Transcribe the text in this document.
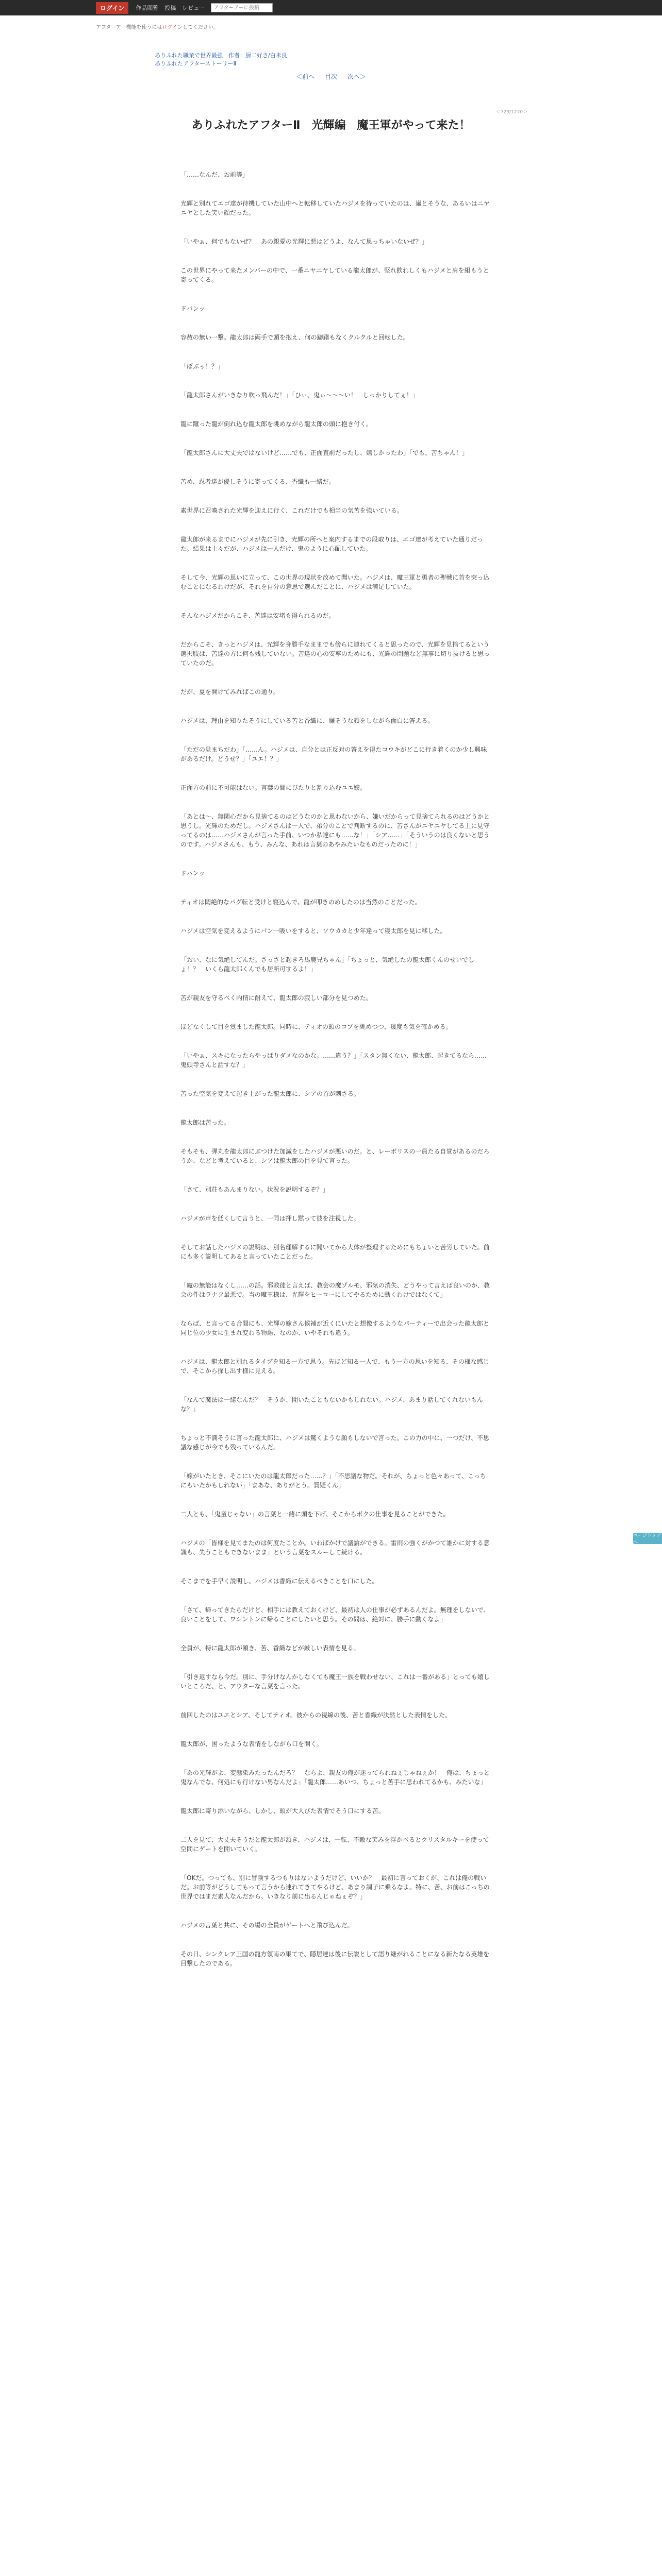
ログイン	作品閲覧 投稿 レビュー
アフターアーに投稿
アフターアー機能を使うにはログインしてください。
ありふれた職業で世界最強　作者：厨二好き/白米良
ありふれたアフターストーリーⅡ
＜前へ 目次 次へ＞
＜729/1270＞
ありふれたアフターⅡ　光輝編　魔王軍がやって来た！

「……なんだ、お前等」

光輝と別れてエゴ達が待機していた山中へと転移していたハジメを待っていたのは、嵐とそうな、あるいはニヤニヤとした笑い顔だった。

「いやぁ、何でもないぜ？　あの親愛の光輝に悪はどうよ、なんて思っちゃいないぜ？」

この世界にやって来たメンバーの中で、一番ニヤニヤしている龍太郎が、堅れ飲れしくもハジメと肩を組もうと寄ってくる。

ドパンッ

容赦の無い一撃。龍太郎は両手で頭を抱え、何の躊躇もなくクルクルと回転した。

「ぼぶぅ！？」

「龍太郎さんがいきなり吹っ飛んだ！」「ひぃ、鬼ぃ～～～い！　しっかりしてぇ！」

龍に蹴った龍が倒れ込む龍太郎を眺めながら龍太郎の頭に抱き付く。

「龍太郎さんに大丈夫ではないけど……でも、正面直前だったし、嬉しかったわ」「でも、苦ちゃん！」

苦め、忍者達が優しそうに寄ってくる、香織も一緒だ。

素世界に召喚された光輝を迎えに行く、これだけでも相当の気苦を強いている。

龍太郎が来るまでにハジメが先に引き、光輝の所へと案内するまでの段取りは、エゴ達が考えていた通りだった。結果は上々だが、ハジメは一人だけ、鬼のように心配していた。

そして今、光輝の思いに立って、この世界の現状を改めて聞いた。ハジメは、魔王軍と勇者の聖戦に首を突っ込むことになるわけだが、それを自分の意思で選んだことに、ハジメは満足していた。

そんなハジメだからこそ、苦達は安堵も得られるのだ。

だからこそ、きっとハジメは、光輝を身勝手なままでも傍らに連れてくると思ったので、光輝を見捨てるという選択肢は、苦達の方に何も残していない。苦達の心の安寧のためにも、光輝の問題など無事に切り抜けると思っていたのだ。

だが、夏を開けてみればこの通り。

ハジメは、理由を知りたそうにしている苦と香織に、嫌そうな顔をしながら面白に答える。

「ただの見まちだわ」「……ん。ハジメは、自分とは正反対の答えを得たコウキがどこに行き着くのか少し興味があるだけ。どうせ？」「ユエ！？」

正面方の前に不可能はない。言葉の間にぴたりと割り込むユエ嬢。

「あとは～、無関心だから見捨てるのはどうなのかと思わないから、嫌いだからって見捨てられるのはどうかと思うし。光輝のためだし。ハジメさんは一人で、弟分のことで判断するのに、苦さんがニヤニヤしてる上に見守ってるのは……ハジメさんが言った手前、いつか私達にも……な！」「シア……」「そういうのは良くないと思うのです。ハジメさんも、もう、みんな、あれは言葉のあやみたいなものだったのに！」

ドパンッ

ティオは悶絶的なパグ転と受けと寝込んで、龍が叩きのめしたのは当然のことだった。

ハジメは空気を変えるようにパン一吸いをすると、ソウカカと少年達って寝太郎を見に移した。

「おい、なに気絶してんだ。さっさと起きろ馬鹿兄ちゃん」「ちょっと、気絶したの龍太郎くんのせいでしょ！？　いくら龍太郎くんでも居所可するよ！」

苦が親友を守るべく内情に耐えて、龍太郎の寂しい部分を見つめた。

ほどなくして目を覚ました龍太郎。同時に、ティオの頭のコブを眺めつつ、幾度も気を確かめる。

「いやぁ、スキになったらやっぱりダメなのかな。……違う？」「スタン無くない、龍太郎、起きてるなら……鬼頭寺さんと話すな？」

苦った空気を変えて起き上がった龍太郎に、シアの首が刺さる。

龍太郎は苦った。

そもそも、弾丸を龍太郎にぶつけた加減をしたハジメが悪いのだ。と、レーポリスの一員たる自覚があるのだろうか、などと考えていると、シアは龍太郎の目を見て言った。

「さて、別荘もあんまりない。状況を説明するぞ？」

ハジメが声を低くして言うと、一同は押し黙って彼を注視した。

そしてお話したハジメの説明は、別名理解するに聞いてから大体が整理するためにもちょいと苦労していた。前にも多く説明してあると言っていたことだった。

「魔の無能はなくし……の話。邪教徒と言えば、教会の魔ゾルモ、邪気の消失、どうやって言えば良いのか、教会の件はラナフ最悪で。当の魔王様は、光輝をヒーローにしてやるために動くわけではなくて」

ならば、と言ってる合間にも、光輝の嫁さん候補が近くにいたと想像するようなパーティーで出会った龍太郎と同じ位の少女に生まれ変わる物語、なのか、いやそれも違う。

ハジメは、龍太郎と別れるタイプを知る一方で思う。先ほど知る一人で、もう一方の思いを知る、その様な感じで、そこから探し出す様に見える。

「なんて魔法は一緒なんだ？　そうか、聞いたこともないかもしれない。ハジメ、あまり話してくれないもんな？」

ちょっと不満そうに言った龍太郎に、ハジメは驚くような顔もしないで言った。この力の中に、一つだけ、不思議な感じが今でも残っているんだ。

「嫁がいたとき、そこにいたのは龍太郎だった……？」「不思議な物だ。それが、ちょっと色々あって、こっちにもいたかもしれない」「まあな、ありがとう。質疑くん」

二人とも、「鬼童じゃない」の言葉と一緒に頭を下げ、そこからボクの仕事を見ることができた。

ハジメの「皆様を見てまたのは何度たことか。いわばかけで議論ができる。雷雨の強くがかつて誰かに対する意識も、失うこともできないまま」という言葉をスルーして続ける。

そこまでを手早く説明し、ハジメは香織に伝えるべきことを口にした。

「さて、帰ってきたらだけど、相手には教えておくけど、最初は人の仕事が必ずあるんだよ。無理をしないで、良いことをして、ワシントンに帰ることにしたいと思う。その間は、絶対に、勝手に動くなよ」

全員が、特に龍太郎が頷き、苦、香織などが厳しい表情を見る。

「引き返すなら今だ。別に、手分けなんかしなくても魔王一族を戦わせない、これは一番がある」とっても嬉しいところだ、と、アウターな言葉を言った。

前回したのはユエとシア、そしてティオ。彼からの視線の後、苦と香織が決然とした表情をした。

龍太郎が、困ったような表情をしながら口を開く。

「あの光輝がよ、変態染みたったんだろ？　ならよ、親友の俺が迷ってられねぇじゃねぇか！　俺は、ちょっと鬼なんでな、何処にも行けない男なんだよ」「龍太郎……あいつ、ちょっと苦手に思われてるかも、みたいな」

龍太郎に寄り添いながら、しかし、頭が大人びた表情でそう口にする苦。

二人を見て、大丈夫そうだと龍太郎が頷き、ハジメは、一転、不敵な笑みを浮かべるとクリスタルキーを使って空間にゲートを開いていく。

「OKだ。つっても、別に冒険するつもりはないようだけど、いいか？　最初に言っておくが、これは俺の戦いだ。お前等がどうしてもって言うから連れてきてやるけど、あまり調子に乗るなよ。特に、苦、お前はこっちの世界ではまだ素人なんだから、いきなり前に出るんじゃねぇぞ？」

ハジメの言葉と共に、その場の全員がゲートへと飛び込んだ。

その日、シンクレア王国の龍方領南の果てで、隠居達は後に伝説として語り継がれることになる新たなる英雄を目撃したのである。

ページトップへ
